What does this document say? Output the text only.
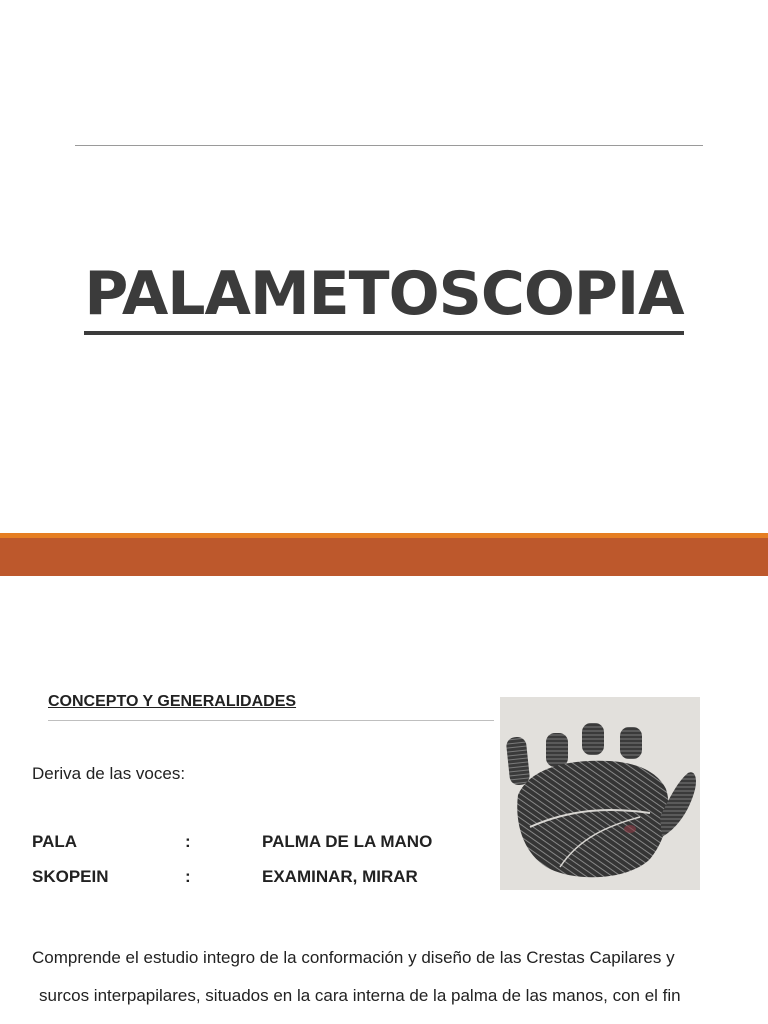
PALAMETOSCOPIA
CONCEPTO Y GENERALIDADES
Deriva de las voces:
PALA	:	PALMA DE LA MANO
SKOPEIN	:	EXAMINAR, MIRAR
Comprende el estudio integro de la conformación y diseño de las Crestas Capilares y
surcos interpapilares, situados en la cara interna de la palma de las manos, con el fin
